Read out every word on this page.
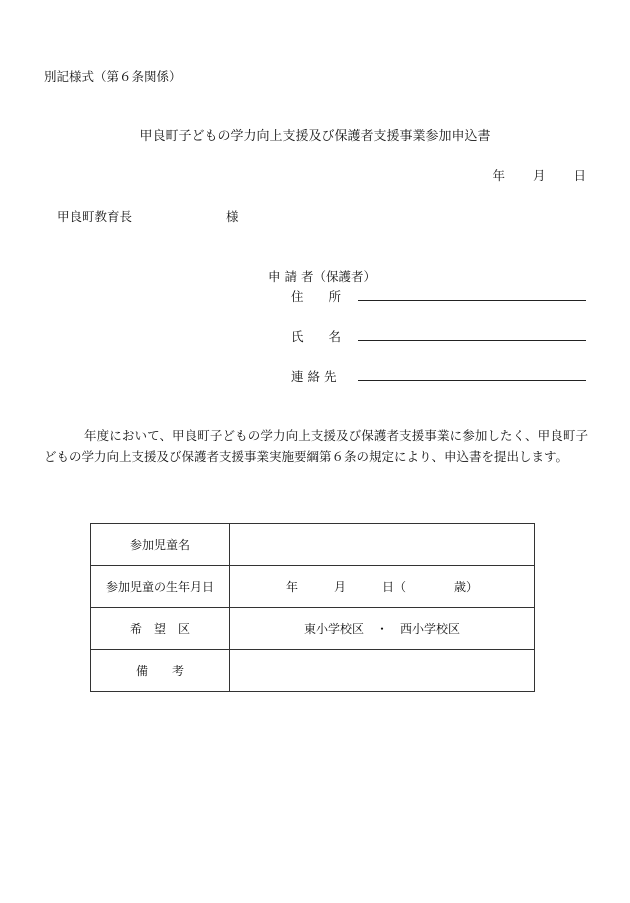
別記様式（第６条関係）
甲良町子どもの学力向上支援及び保護者支援事業参加申込書
年 月 日
甲良町教育長	様
申 請 者（保護者）
住　　所
氏　　名
連 絡 先
年度において、甲良町子どもの学力向上支援及び保護者支援事業に参加したく、甲良町子どもの学力向上支援及び保護者支援事業実施要綱第６条の規定により、申込書を提出します。
参加児童名	
参加児童の生年月日	年　　　月　　　日（　　　　歳）
希　望　区	東小学校区　・　西小学校区
備　　考	
